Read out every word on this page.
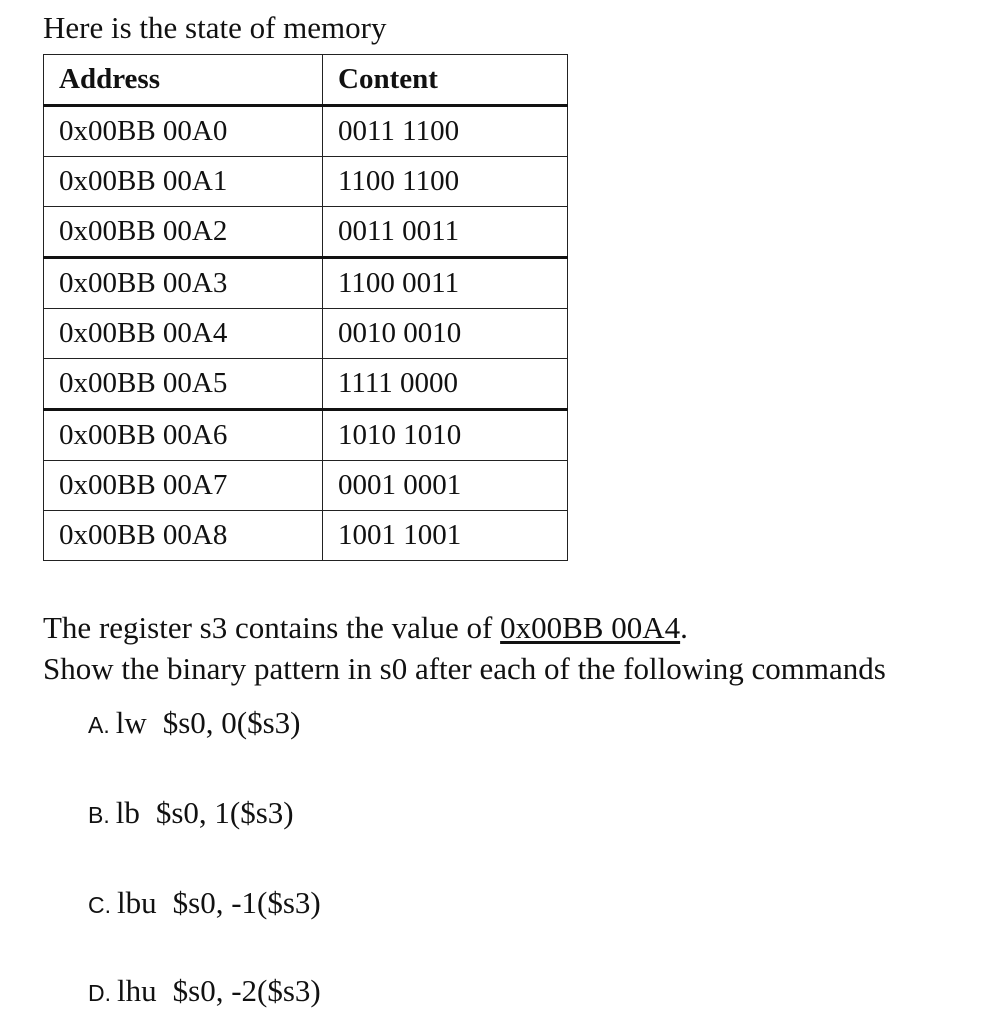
Here is the state of memory
Address	Content
0x00BB 00A0	0011 1100
0x00BB 00A1	1100 1100
0x00BB 00A2	0011 0011
0x00BB 00A3	1100 0011
0x00BB 00A4	0010 0010
0x00BB 00A5	1111 0000
0x00BB 00A6	1010 1010
0x00BB 00A7	0001 0001
0x00BB 00A8	1001 1001
The register s3 contains the value of 0x00BB 00A4.
Show the binary pattern in s0 after each of the following commands
A. lw $s0, 0($s3)
B. lb $s0, 1($s3)
C. lbu $s0, -1($s3)
D. lhu $s0, -2($s3)
